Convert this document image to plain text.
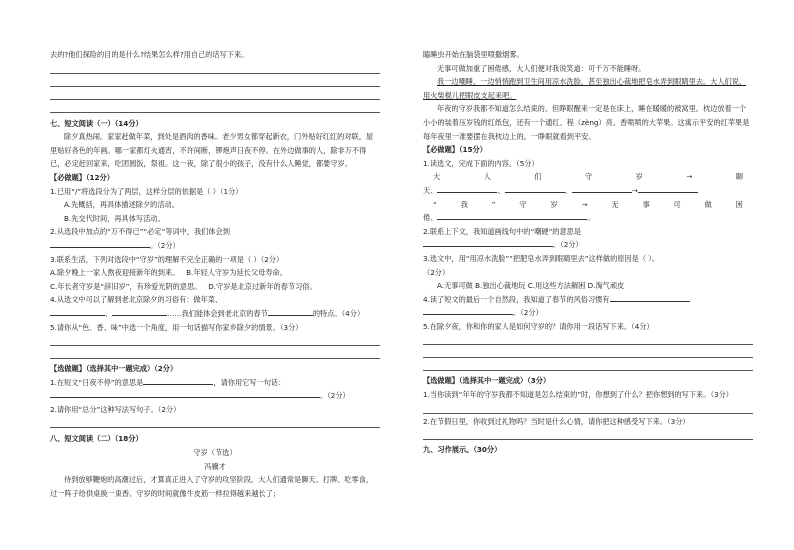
去的?他们探险的目的是什么?结果怎么样?用自己的话写下来。

七、短文阅读（一）（14分）

除夕真热闹。家家赶做年菜，到处是酒肉的香味。老少男女都穿起新衣，门外贴好红红的对联，屋里贴好各色的年画。哪一家都灯火通宵，不许间断，锣炮声日夜不停。在外边做事的人，除非万不得已，必定赶回家来，吃团圆饭，祭祖。这一夜，除了很小的孩子，没有什么人睡觉，都要守岁。

【必做题】（12分）

1.已用“/”将选段分为了两层，这样分层的依据是（ ）（1分）

A.先概括，再具体描述除夕的活动。

B.先交代时间，再具体写活动。

2.从选段中加点的“万不得已”“必定”等词中，我们体会到

。（2分）

3.联系生活，下列对选段中“守岁”的理解不完全正确的一项是（ ）（2分）

A.除夕晚上一家人熬夜迎接新年的到来。 B.年轻人守岁为延长父母寿命。

C.年长者守岁是“辞旧岁”，有珍爱光阴的意思。 D.守岁是北京过新年的春节习俗。

4.从选文中可以了解到老北京除夕的习俗有：做年菜、

、	……我们能体会到老北京的春节	的特点。（4分）

5.请你从“色、香、味”中选一个角度，用一句话描写你家乡除夕的情景。（3分）

【选做题】（选择其中一题完成）（2分）

1.在短文“日夜不停”的意思是	，请你用它写一句话：

。（2分）

2.请你用“总分”这种写法写句子。（2分）

八、短文阅读（二）（18分）

守岁（节选）

冯骥才

待到放够鞭炮的高潮过后，才算真正进入了守岁的攻坚阶段。大人们通常是聊天、打牌、吃零食，过一阵子给供桌换一束香。守岁的时间就像牛皮筋一样拉得越来越长了；

瞌睡虫开始在脑袋里喷撒烟雾。

无事可做加重了困倦感，大人们便对我说笑道：可千万不能睡呀。

我一边嘲睡，一边悄悄跑到卫生间用凉水洗脸，甚至独出心裁地把皂水弄到眼睛里去。大人们说，用火柴棍儿把眼皮支起来吧。

年夜的守岁我都不知道怎么结束的。但睁眼醒来一定是在床上，睡在暖暖的被窝里。枕边放着一个小小的装着压岁钱的红纸包，还有一个通红、程（zèng）亮、香喷喷的大苹果。这寓示平安的红苹果是每年夜里一准要摆在我枕边上的。一睁眼就看到平安。

【必做题】（15分）

1.读选文，完成下面的内容。（5分）

大	人	们	守	岁	→	聊

天、	、	、	→

“	我	”	守	岁	→	无	事	可	做	困

倦、	。

2.联系上下文，我知道画线句中的“嘲硬”的意思是

。（2分）

3.选文中，用“用凉水洗脸”“把肥皂水弄到眼睛里去”这样做的原因是（ ）。

（2分）

A.无事可做 B.独出心裁地玩 C.用这些方法解困 D.淘气顽皮

4.读了短文的最后一个自然段，我知道了春节的风俗习惯有

。（2分）

5.在除夕夜，你和你的家人是如何守岁的？请你用一段话写下来。（4分）

【选做题】（选择其中一题完成）（3分）

1.当你读到“年年的守岁我都不知道是怎么结束的”时，你想到了什么？把你想到的写下来。（3分）

2.在节假日里，你收到过礼物吗？当时是什么心情，请你把这种感受写下来。（3分）

九、习作展示。（30分）
